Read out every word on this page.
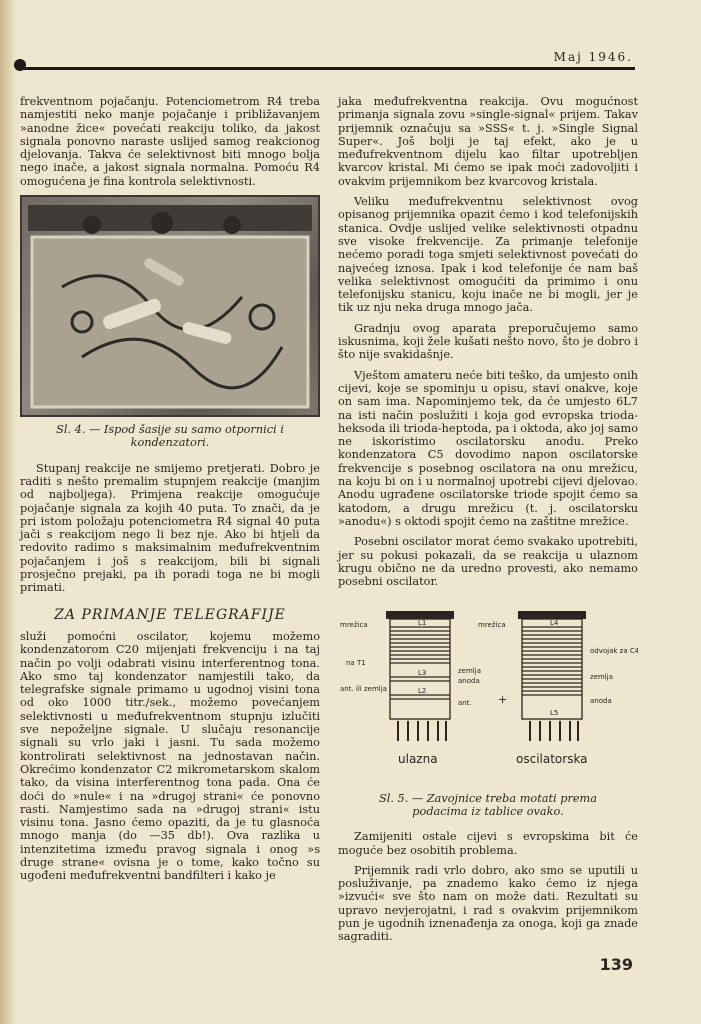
Maj 1946.

frekventnom pojačanju. Potenciometrom R4 treba namjestiti neko manje pojačanje i približavanjem »anodne žice« povećati reakciju toliko, da jakost signala ponovno naraste uslijed samog reakcionog djelovanja. Takva će selektivnost biti mnogo bolja nego inače, a jakost signala normalna. Pomoću R4 omogućena je fina kontrola selektivnosti.

Sl. 4. — Ispod šasije su samo otpornici i kondenzatori.

Stupanj reakcije ne smijemo pretjerati. Dobro je raditi s nešto premalim stupnjem reakcije (manjim od najboljega). Primjena reakcije omogućuje pojačanje signala za kojih 40 puta. To znači, da je pri istom položaju potenciometra R4 signal 40 puta jači s reakcijom nego li bez nje. Ako bi htjeli da redovito radimo s maksimalnim međufrekventnim pojačanjem i još s reakcijom, bili bi signali prosječno prejaki, pa ih poradi toga ne bi mogli primati.

ZA PRIMANJE TELEGRAFIJE

služi pomoćni oscilator, kojemu možemo kondenzatorom C20 mijenjati frekvenciju i na taj način po volji odabrati visinu interferentnog tona. Ako smo taj kondenzator namjestili tako, da telegrafske signale primamo u ugodnoj visini tona od oko 1000 titr./sek., možemo povećanjem selektivnosti u međufrekventnom stupnju izlučiti sve nepoželjne signale. U slučaju resonancije signali su vrlo jaki i jasni. Tu sada možemo kontrolirati selektivnost na jednostavan način. Okrećimo kondenzator C2 mikrometarskom skalom tako, da visina interferentnog tona pada. Ona će doći do »nule« i na »drugoj strani« će ponovno rasti. Namjestimo sada na »drugoj strani« istu visinu tona. Jasno ćemo opaziti, da je tu glasnoća mnogo manja (do —35 db!). Ova razlika u intenzitetima između pravog signala i onog »s druge strane« ovisna je o tome, kako točno su ugođeni međufrekventni bandfilteri i kako je

jaka međufrekventna reakcija. Ovu mogućnost primanja signala zovu »single-signal« prijem. Takav prijemnik označuju sa »SSS« t. j. »Single Signal Super«. Još bolji je taj efekt, ako je u međufrekventnom dijelu kao filtar upotrebljen kvarcov kristal. Mi ćemo se ipak moći zadovoljiti i ovakvim prijemnikom bez kvarcovog kristala.

Veliku međufrekventnu selektivnost ovog opisanog prijemnika opazit ćemo i kod telefonijskih stanica. Ovdje uslijed velike selektivnosti otpadnu sve visoke frekvencije. Za primanje telefonije nećemo poradi toga smjeti selektivnost povećati do najvećeg iznosa. Ipak i kod telefonije će nam baš velika selektivnost omogućiti da primimo i onu telefonijsku stanicu, koju inače ne bi mogli, jer je tik uz nju neka druga mnogo jača.

Gradnju ovog aparata preporučujemo samo iskusnima, koji žele kušati nešto novo, što je dobro i što nije svakidašnje.

Vještom amateru neće biti teško, da umjesto onih cijevi, koje se spominju u opisu, stavi onakve, koje on sam ima. Napominjemo tek, da će umjesto 6L7 na isti način poslužiti i koja god evropska trioda-heksoda ili trioda-heptoda, pa i oktoda, ako joj samo ne iskoristimo oscilatorsku anodu. Preko kondenzatora C5 dovodimo napon oscilatorske frekvencije s posebnog oscilatora na onu mrežicu, na koju bi on i u normalnoj upotrebi cijevi djelovao. Anodu ugrađene oscilatorske triode spojit ćemo sa katodom, a drugu mrežicu (t. j. oscilatorsku »anodu«) s oktodi spojit ćemo na zaštitne mrežice.

Posebni oscilator morat ćemo svakako upotrebiti, jer su pokusi pokazali, da se reakcija u ulaznom krugu obično ne da uredno provesti, ako nemamo posebni oscilator.

L1
L3
L2
mrežica
na T1
ant. ili zemlja
zemlja
anoda
ant.
ulazna
+
L4
L5
mrežica
odvojak za C4
zemlja
anoda
oscilatorska
Sl. 5. — Zavojnice treba motati prema podacima iz tablice ovako.

Zamijeniti ostale cijevi s evropskima bit će moguće bez osobitih problema.

Prijemnik radi vrlo dobro, ako smo se uputili u posluživanje, pa znademo kako ćemo iz njega »izvući« sve što nam on može dati. Rezultati su upravo nevjerojatni, i rad s ovakvim prijemnikom pun je ugodnih iznenađenja za onoga, koji ga znade sagraditi.

139
